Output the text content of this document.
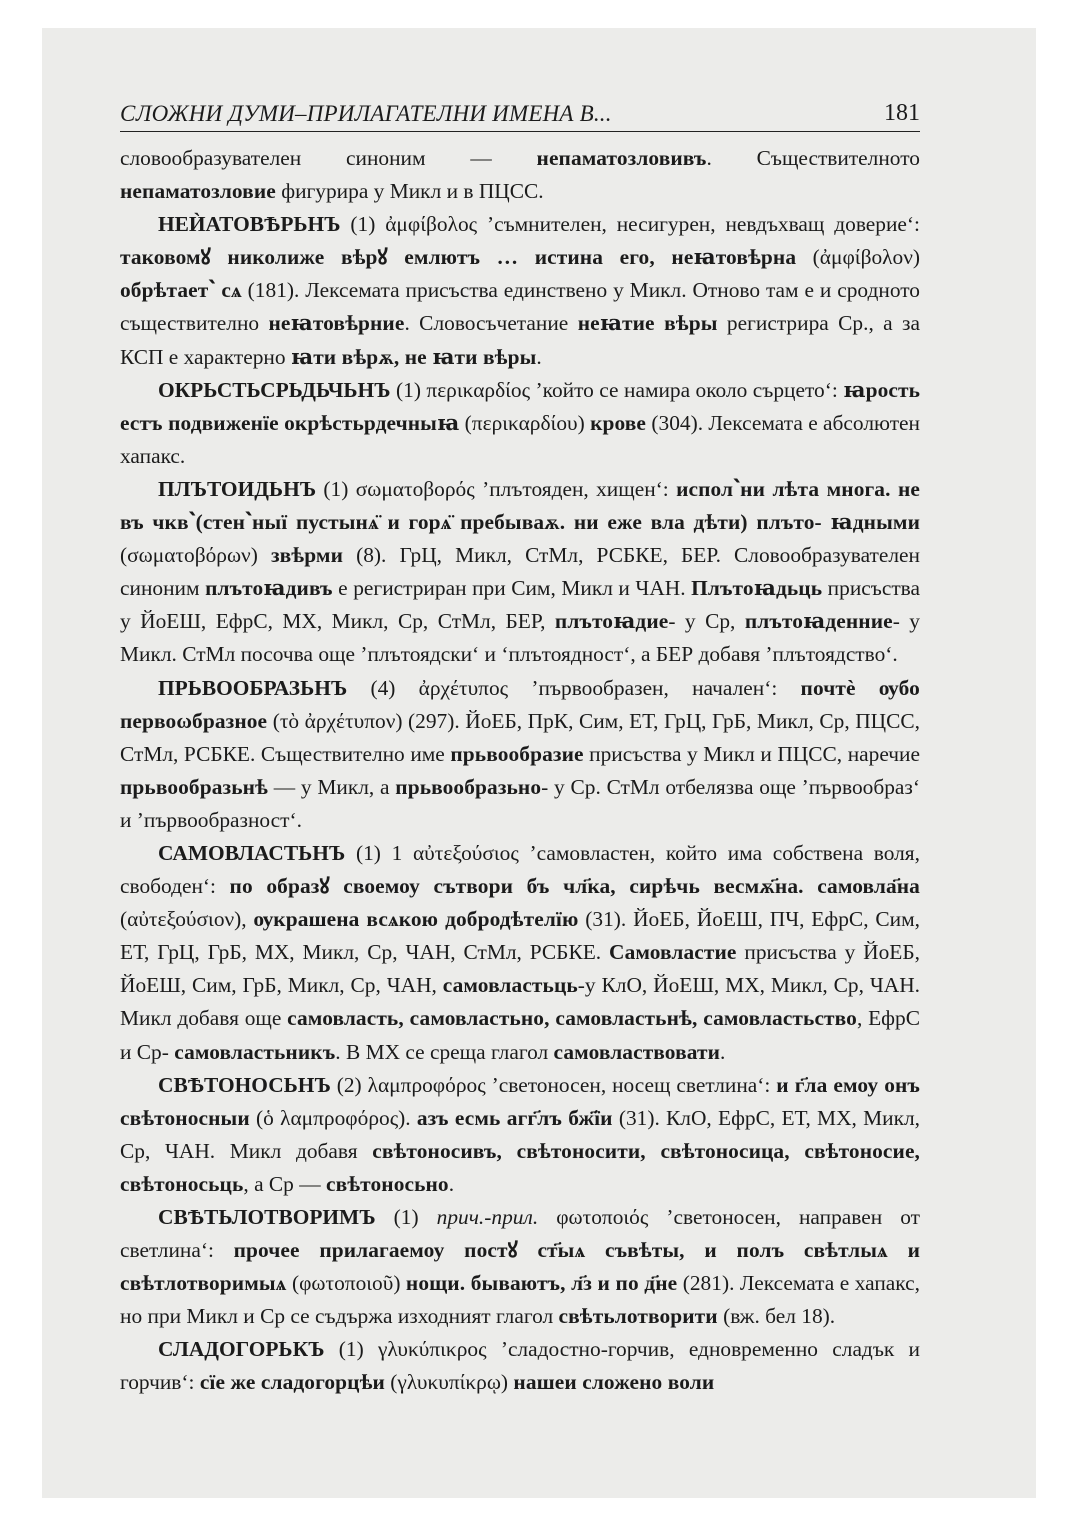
СЛОЖНИ ДУМИ–ПРИЛАГАТЕЛНИ ИМЕНА В...	181

словообразувателен синоним — непаматозловивъ. Съществителното непаматозловие фигурира у Микл и в ПЦСС.

НЕЍАТОВѢРЬНЪ (1) ἀμφίβολος ’съмнителен, несигурен, невдъхващ доверие‘: таковомꙋ николиже вѣрꙋ емлютъ … истина его, неꙗтовѣрна (ἀμφίβολον) обрѣтает՝ сѧ (181). Лексемата присъства единствено у Микл. Отново там е и сродното съществително неꙗтовѣрние. Словосъчетание неꙗтие вѣры регистрира Ср., а за КСП е характерно ꙗти вѣрѫ, не ꙗти вѣры.

ОКРЬСТЬСРЬДЬЧЬНЪ (1) περικαρδίος ’който се намира около сърцето‘: ꙗрость естъ подвиженїе окрѣстьрдечныꙗ (περικαρδίου) крове (304). Лексемата е абсолютен хапакс.

ПЛЪТОИДЬНЪ (1) σωματοβορός ’плътояден, хищен‘: испол՝ни лѣта многа. не въ чкв՝(стен՝ныї пустынѧ̈ и горѧ̈ пребываѫ. ни еже вла дѣти) плъто- ꙗдными (σωματοβόρων) звѣрми (8). ГрЦ, Микл, СтМл, РСБКЕ, БЕР. Словообразувателен синоним плътоꙗдивъ е регистриран при Сим, Микл и ЧАН. Плътоꙗдьць присъства у ЙоЕШ, ЕфрС, МХ, Микл, Ср, СтМл, БЕР, плътоꙗдие- у Ср, плътоꙗденние- у Микл. СтМл посочва още ’плътоядски‘ и ‘плътоядност‘, а БЕР добавя ’плътоядство‘.

ПРЬВООБРАЗЬНЪ (4) ἀρχέτυπος ’първообразен, начален‘: почтѐ ѹбо первоωбразное (τὸ ἀρχέτυπον) (297). ЙоЕБ, ПрК, Сим, ЕТ, ГрЦ, ГрБ, Микл, Ср, ПЦСС, СтМл, РСБКЕ. Съществително име прьвообразие присъства у Микл и ПЦСС, наречие прьвообразьнѣ — у Микл, а прьвообразьно- у Ср. СтМл отбелязва още ’първообраз‘ и ’първообразност‘.

САМОВЛАСТЬНЪ (1) 1 αὐτεξούσιος ’самовластен, който има собствена воля, свободен‘: по образꙋ своемоу сътвори бъ чл҃ка, сирѣчь весмѫ҃на. самовла҃на (αὐτεξούσιον), ѹкрашена всѧкою добродѣтелїю (31). ЙоЕБ, ЙоЕШ, ПЧ, ЕфрС, Сим, ЕТ, ГрЦ, ГрБ, МХ, Микл, Ср, ЧАН, СтМл, РСБКЕ. Самовластие присъства у ЙоЕБ, ЙоЕШ, Сим, ГрБ, Микл, Ср, ЧАН, самовластьць-у КлО, ЙоЕШ, МХ, Микл, Ср, ЧАН. Микл добавя още самовласть, самовластьно, самовластьнѣ, самовластьство, ЕфрС и Ср- самовластьникъ. В МХ се среща глагол самовластвовати.

СВѢТОНОСЬНЪ (2) λαμπροφόρος ’светоносен, носещ светлина‘: и г҃ла емоу онъ свѣтоносныи (ὁ λαμπροφόρος). азъ есмь агг҃лъ бж҃їи (31). КлО, ЕфрС, ЕТ, МХ, Микл, Ср, ЧАН. Микл добавя свѣтоносивъ, свѣтоносити, свѣтоносица, свѣтоносие, свѣтоносьць, а Ср — свѣтоносьно.

СВѢТЬЛОТВОРИМЪ (1) прич.-прил. φωτοποιός ’светоносен, направен от светлина‘: прочее прилагаемоу постꙋ ст҃ыѧ съвѣты, и полъ свѣтлыѧ и свѣтлотворимыѧ (φωτοποιοῦ) нощи. бываютъ, л҃з и по д҃не (281). Лексемата е хапакс, но при Микл и Ср се съдържа изходният глагол свѣтьлотворити (вж. бел 18).

СЛАДОГОРЬКЪ (1) γλυκύπικρος ’сладостно-горчив, едновременно сладък и горчив‘: сїе же сладогорцѣи (γλυκυπίκρῳ) нашеи сложено воли
